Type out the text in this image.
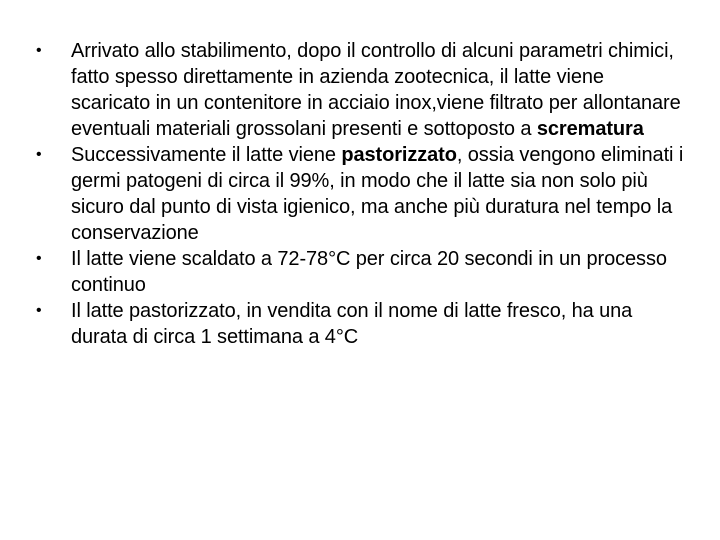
•	Arrivato allo stabilimento, dopo il controllo di alcuni parametri chimici, fatto spesso direttamente in azienda zootecnica, il latte viene scaricato in un contenitore in acciaio inox,viene filtrato per allontanare eventuali materiali grossolani presenti e sottoposto a scrematura
•	Successivamente il latte viene pastorizzato, ossia vengono eliminati i germi patogeni di circa il 99%, in modo che il latte sia non solo più sicuro dal punto di vista igienico, ma anche più duratura nel tempo la conservazione
•	Il latte viene scaldato a 72-78°C per circa 20 secondi in un processo continuo
•	Il latte pastorizzato, in vendita con il nome di latte fresco, ha una durata di circa 1 settimana a 4°C
